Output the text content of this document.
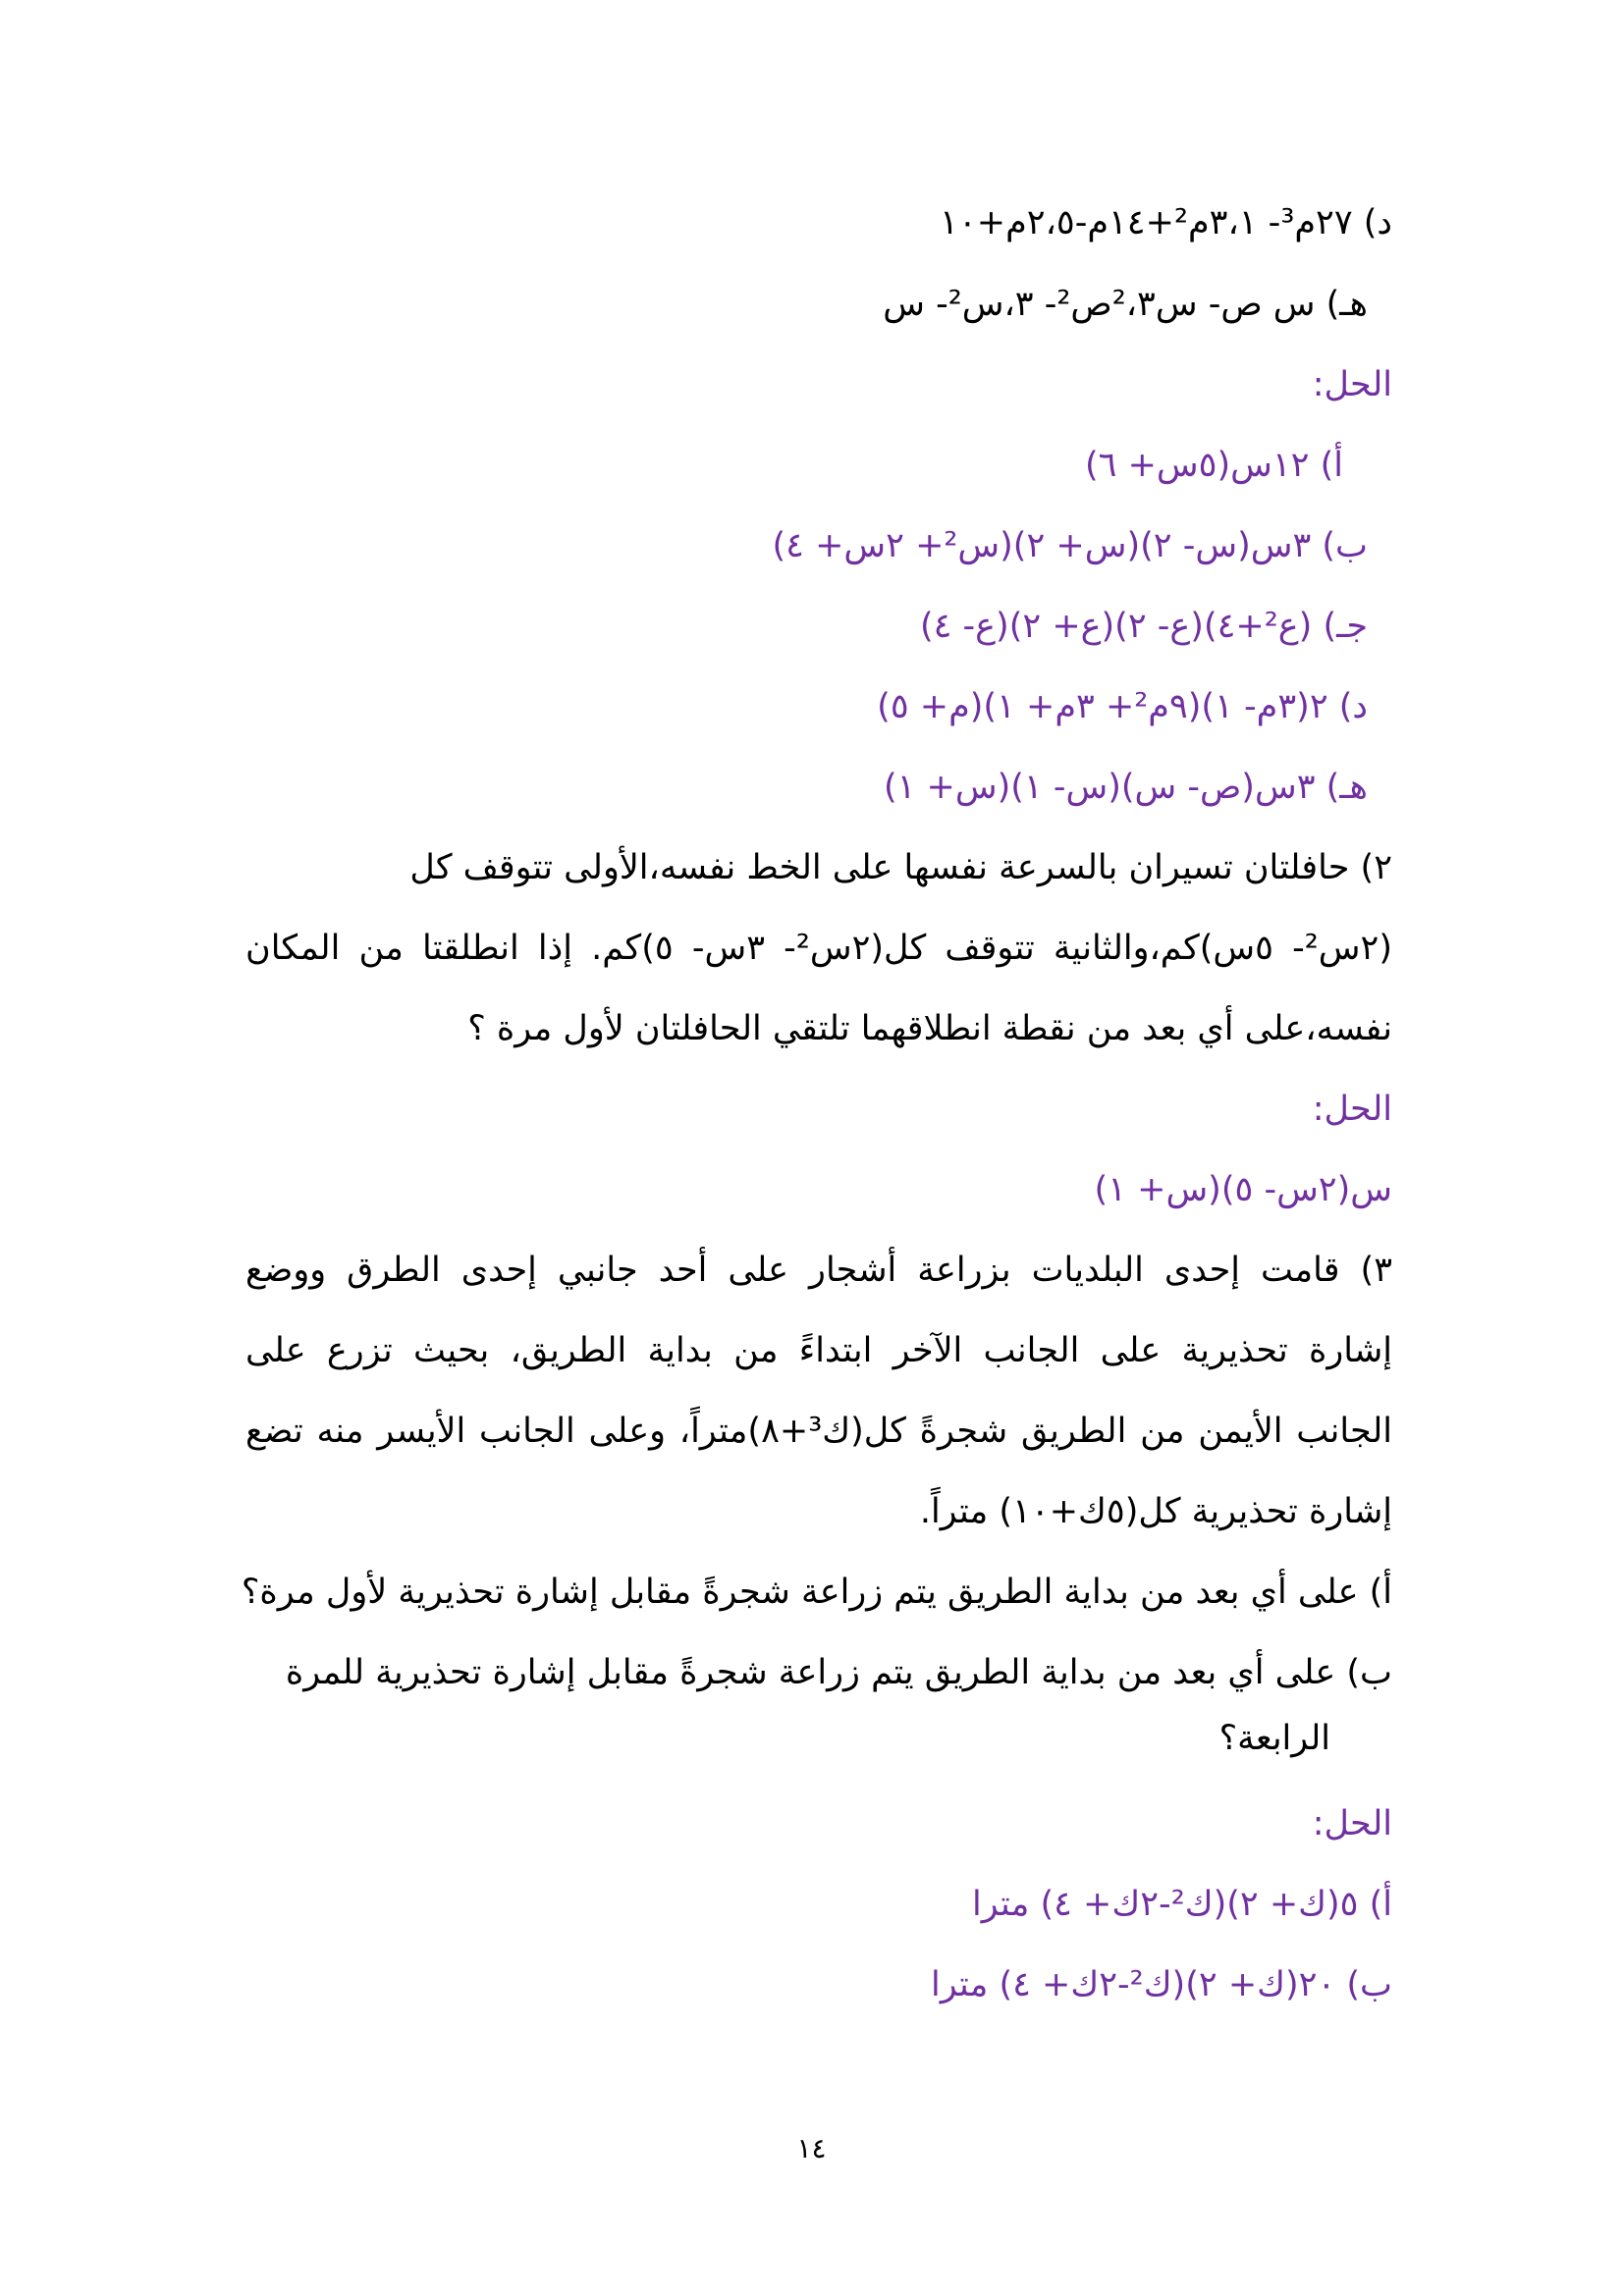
د) ٢٧م³- ٣،١م²+١٤م-٢،٥م+١٠
هـ) س ص- س²،٣ص²- ٣،س²- س
الحل:
أ) ١٢س(٥س+ ٦)
ب) ٣س(س- ٢)(س+ ٢)(س²+ ٢س+ ٤)
جـ) (ع²+٤)(ع- ٢)(ع+ ٢)(ع- ٤)
د) ٢(٣م- ١)(٩م²+ ٣م+ ١)(م+ ٥)
هـ) ٣س(ص- س)(س- ١)(س+ ١)
٢) حافلتان تسيران بالسرعة نفسها على الخط نفسه،الأولى تتوقف كل
(٢س²- ٥س)كم،والثانية تتوقف كل(٢س²- ٣س- ٥)كم. إذا انطلقتا من المكان
نفسه،على أي بعد من نقطة انطلاقهما تلتقي الحافلتان لأول مرة ؟
الحل:
س(٢س- ٥)(س+ ١)
٣) قامت إحدى البلديات بزراعة أشجار على أحد جانبي إحدى الطرق ووضع
إشارة تحذيرية على الجانب الآخر ابتداءً من بداية الطريق، بحيث تزرع على
الجانب الأيمن من الطريق شجرةً كل(ك³+٨)متراً، وعلى الجانب الأيسر منه تضع
إشارة تحذيرية كل(٥ك+١٠) متراً.
أ) على أي بعد من بداية الطريق يتم زراعة شجرةً مقابل إشارة تحذيرية لأول مرة؟
ب) على أي بعد من بداية الطريق يتم زراعة شجرةً مقابل إشارة تحذيرية للمرة
الرابعة؟
الحل:
أ) ٥(ك+ ٢)(ك²-٢ك+ ٤) مترا
ب) ٢٠(ك+ ٢)(ك²-٢ك+ ٤) مترا
١٤
